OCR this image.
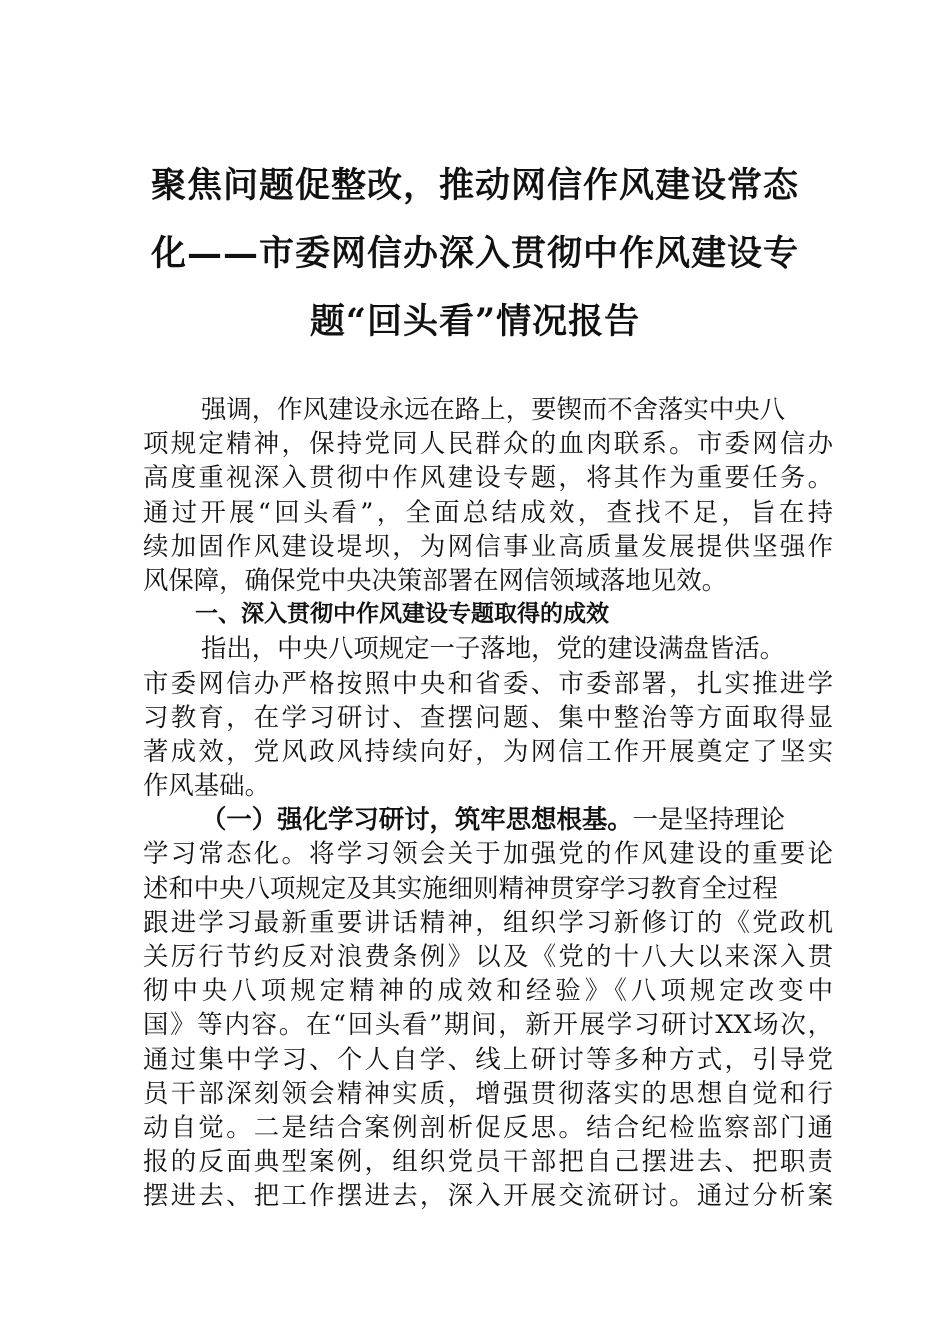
聚焦问题促整改，推动网信作风建设常态
化——市委网信办深入贯彻中作风建设专
题“回头看”情况报告
强调，作风建设永远在路上，要锲而不舍落实中央八
项规定精神，保持党同人民群众的血肉联系。市委网信办
高度重视深入贯彻中作风建设专题，将其作为重要任务。
通过开展“回头看”，全面总结成效，查找不足，旨在持
续加固作风建设堤坝，为网信事业高质量发展提供坚强作
风保障，确保党中央决策部署在网信领域落地见效。
一、深入贯彻中作风建设专题取得的成效
指出，中央八项规定一子落地，党的建设满盘皆活。
市委网信办严格按照中央和省委、市委部署，扎实推进学
习教育，在学习研讨、查摆问题、集中整治等方面取得显
著成效，党风政风持续向好，为网信工作开展奠定了坚实
作风基础。
（一）强化学习研讨，筑牢思想根基。一是坚持理论
学习常态化。将学习领会关于加强党的作风建设的重要论
述和中央八项规定及其实施细则精神贯穿学习教育全过程
跟进学习最新重要讲话精神，组织学习新修订的《党政机
关厉行节约反对浪费条例》以及《党的十八大以来深入贯
彻中央八项规定精神的成效和经验》《八项规定改变中
国》等内容。在“回头看”期间，新开展学习研讨XX场次，
通过集中学习、个人自学、线上研讨等多种方式，引导党
员干部深刻领会精神实质，增强贯彻落实的思想自觉和行
动自觉。二是结合案例剖析促反思。结合纪检监察部门通
报的反面典型案例，组织党员干部把自己摆进去、把职责
摆进去、把工作摆进去，深入开展交流研讨。通过分析案
